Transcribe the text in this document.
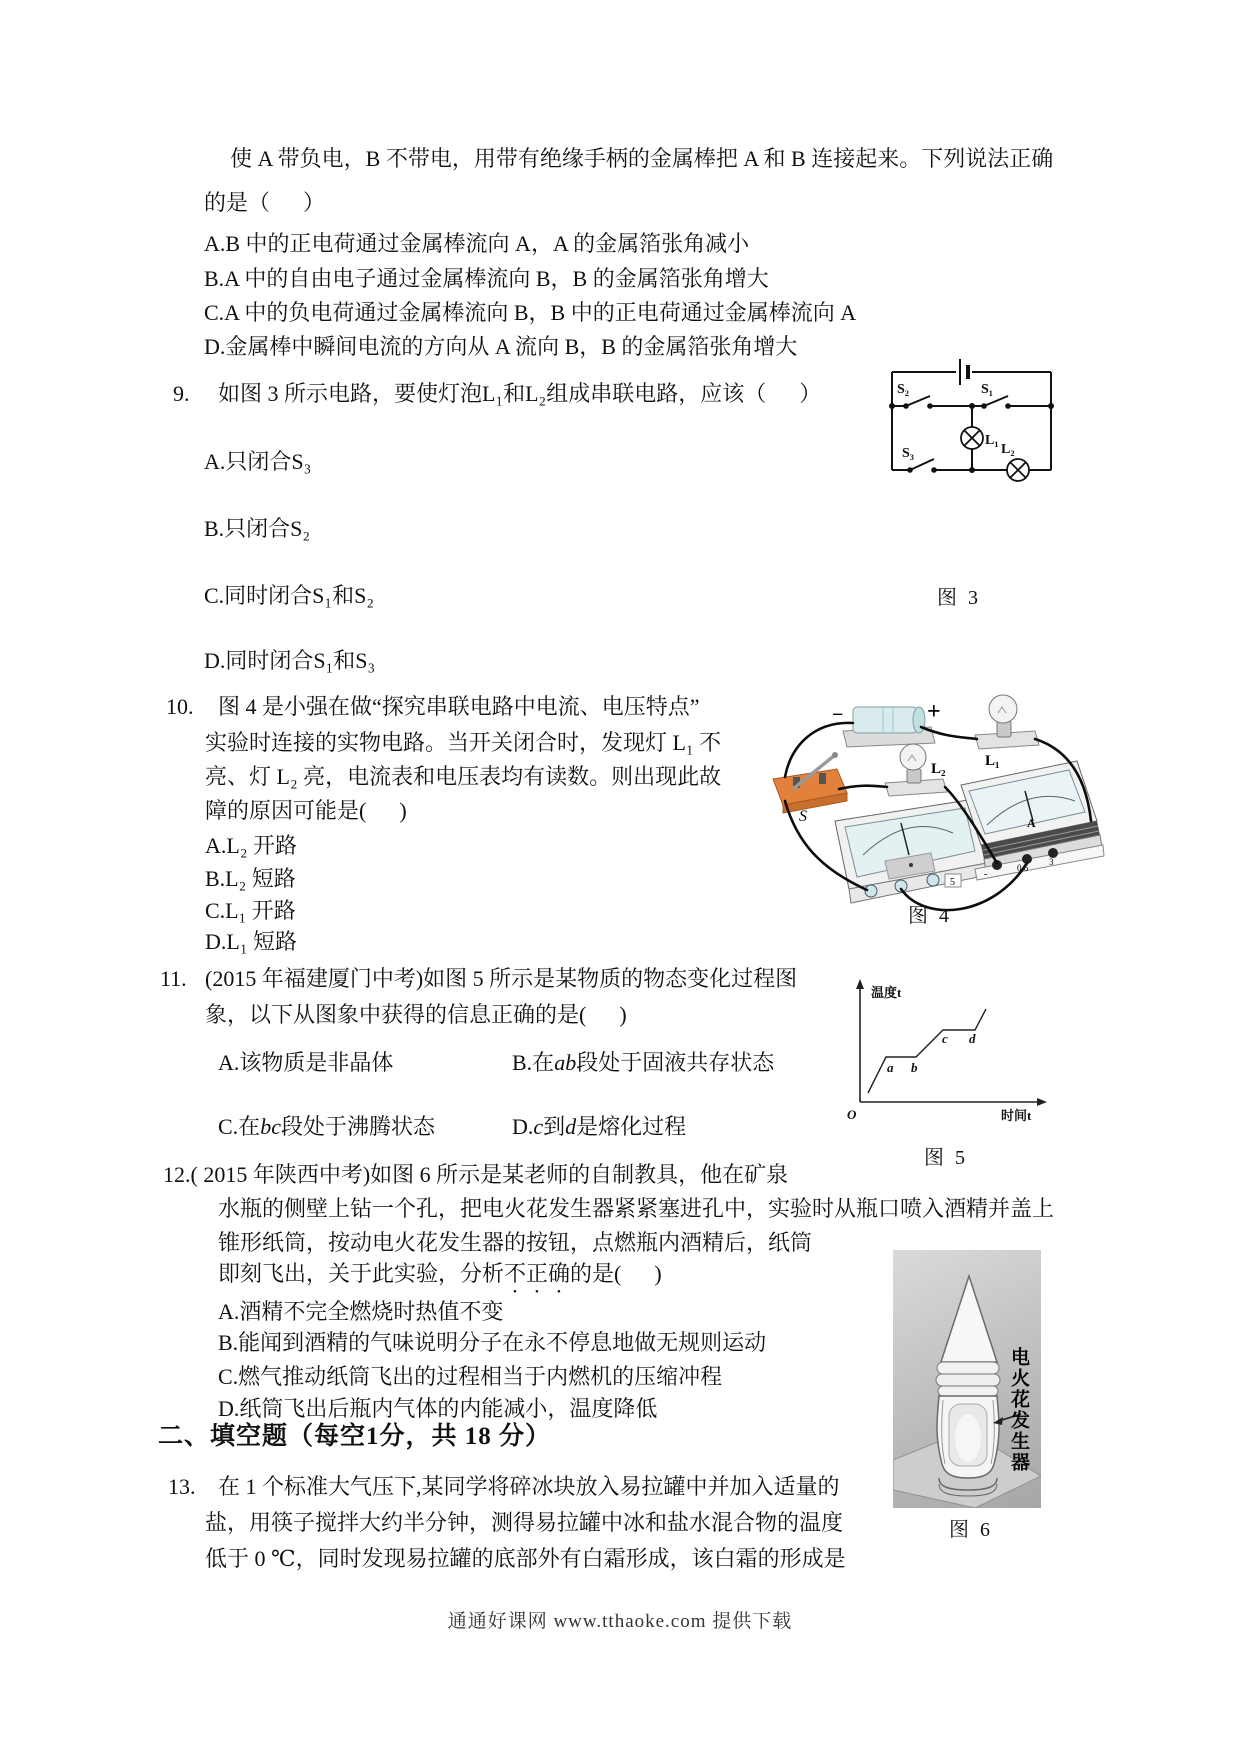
使 A 带负电，B 不带电，用带有绝缘手柄的金属棒把 A 和 B 连接起来。下列说法正确
的是（      ）
A.B 中的正电荷通过金属棒流向 A，A 的金属箔张角减小
B.A 中的自由电子通过金属棒流向 B，B 的金属箔张角增大
C.A 中的负电荷通过金属棒流向 B，B 中的正电荷通过金属棒流向 A
D.金属棒中瞬间电流的方向从 A 流向 B，B 的金属箔张角增大
9. 如图 3 所示电路，要使灯泡L₁和L₂组成串联电路，应该（      ）
A.只闭合S₃
B.只闭合S₂
C.同时闭合S₁和S₂
D.同时闭合S₁和S₃
S₂	S₁
S₃
L₁
L₂
图 3
10. 图 4 是小强在做“探究串联电路中电流、电压特点”
实验时连接的实物电路。当开关闭合时，发现灯 L₁ 不
亮、灯 L₂ 亮，电流表和电压表均有读数。则出现此故
障的原因可能是(      )
A.L₂ 开路
B.L₂ 短路
C.L₁ 开路
D.L₁ 短路
−	+
L₁
L₂
S
5
A
-
0.6
3
图 4
11. (2015 年福建厦门中考)如图 5 所示是某物质的物态变化过程图
象，以下从图象中获得的信息正确的是(      )
A.该物质是非晶体	B.在ab段处于固液共存状态
C.在bc段处于沸腾状态	D.c到d是熔化过程
温度t
时间t
O
a b
c d
图 5
12.( 2015 年陕西中考)如图 6 所示是某老师的自制教具，他在矿泉
水瓶的侧壁上钻一个孔，把电火花发生器紧紧塞进孔中，实验时从瓶口喷入酒精并盖上
锥形纸筒，按动电火花发生器的按钮，点燃瓶内酒精后，纸筒
即刻飞出，关于此实验，分析不正确的是(      )
A.酒精不完全燃烧时热值不变
B.能闻到酒精的气味说明分子在永不停息地做无规则运动
C.燃气推动纸筒飞出的过程相当于内燃机的压缩冲程
D.纸筒飞出后瓶内气体的内能减小，温度降低	电火花发生器
图 6
二、填空题（每空1分，共 18 分）
13. 在 1 个标准大气压下,某同学将碎冰块放入易拉罐中并加入适量的
盐，用筷子搅拌大约半分钟，测得易拉罐中冰和盐水混合物的温度
低于 0 ℃，同时发现易拉罐的底部外有白霜形成，该白霜的形成是
通通好课网 www.tthaoke.com 提供下载
